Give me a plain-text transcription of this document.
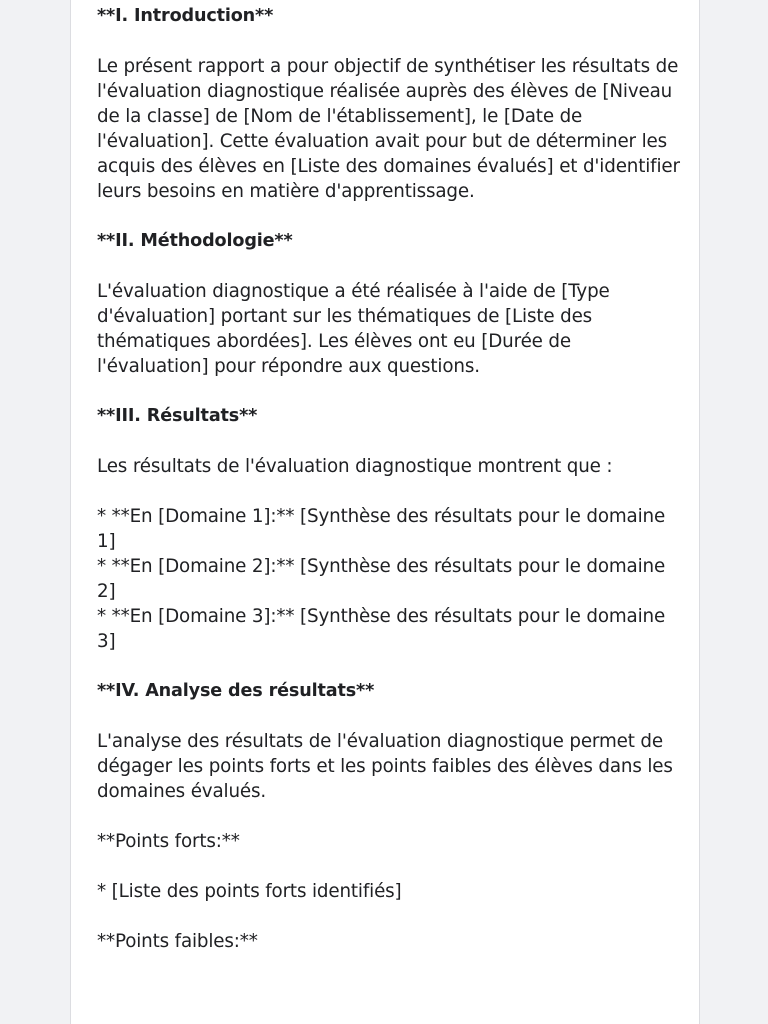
**I. Introduction**

Le présent rapport a pour objectif de synthétiser les résultats de l'évaluation diagnostique réalisée auprès des élèves de [Niveau de la classe] de [Nom de l'établissement], le [Date de l'évaluation]. Cette évaluation avait pour but de déterminer les acquis des élèves en [Liste des domaines évalués] et d'identifier leurs besoins en matière d'apprentissage.

**II. Méthodologie**

L'évaluation diagnostique a été réalisée à l'aide de [Type d'évaluation] portant sur les thématiques de [Liste des thématiques abordées]. Les élèves ont eu [Durée de l'évaluation] pour répondre aux questions.

**III. Résultats**

Les résultats de l'évaluation diagnostique montrent que :

* **En [Domaine 1]:** [Synthèse des résultats pour le domaine 1]
* **En [Domaine 2]:** [Synthèse des résultats pour le domaine 2]
* **En [Domaine 3]:** [Synthèse des résultats pour le domaine 3]

**IV. Analyse des résultats**

L'analyse des résultats de l'évaluation diagnostique permet de dégager les points forts et les points faibles des élèves dans les domaines évalués.

**Points forts:**

* [Liste des points forts identifiés]

**Points faibles:**
